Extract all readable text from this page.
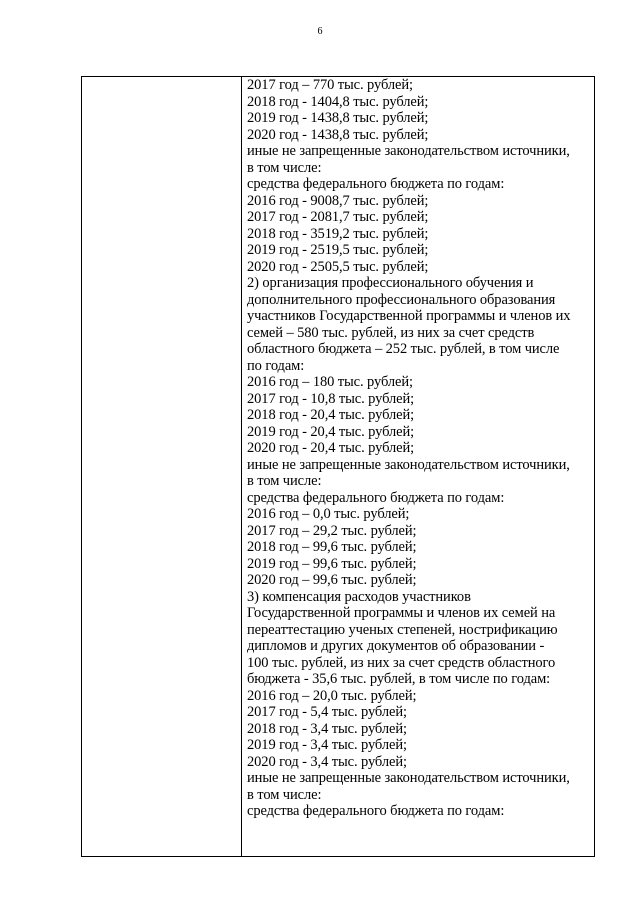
6

2017 год – 770 тыс. рублей;
2018 год - 1404,8 тыс. рублей;
2019 год - 1438,8 тыс. рублей;
2020 год - 1438,8 тыс. рублей;
иные не запрещенные законодательством источники,
в том числе:
средства федерального бюджета по годам:
2016 год - 9008,7 тыс. рублей;
2017 год - 2081,7 тыс. рублей;
2018 год - 3519,2 тыс. рублей;
2019 год - 2519,5 тыс. рублей;
2020 год - 2505,5 тыс. рублей;
2) организация профессионального обучения и
дополнительного профессионального образования
участников Государственной программы и членов их
семей – 580 тыс. рублей, из них за счет средств
областного бюджета – 252 тыс. рублей, в том числе
по годам:
2016 год – 180 тыс. рублей;
2017 год - 10,8 тыс. рублей;
2018 год - 20,4 тыс. рублей;
2019 год - 20,4 тыс. рублей;
2020 год - 20,4 тыс. рублей;
иные не запрещенные законодательством источники,
в том числе:
средства федерального бюджета по годам:
2016 год – 0,0 тыс. рублей;
2017 год – 29,2 тыс. рублей;
2018 год – 99,6 тыс. рублей;
2019 год – 99,6 тыс. рублей;
2020 год – 99,6 тыс. рублей;
3) компенсация расходов участников
Государственной программы и членов их семей на
переаттестацию ученых степеней, нострификацию
дипломов и других документов об образовании -
100 тыс. рублей, из них за счет средств областного
бюджета - 35,6 тыс. рублей, в том числе по годам:
2016 год – 20,0 тыс. рублей;
2017 год - 5,4 тыс. рублей;
2018 год - 3,4 тыс. рублей;
2019 год - 3,4 тыс. рублей;
2020 год - 3,4 тыс. рублей;
иные не запрещенные законодательством источники,
в том числе:
средства федерального бюджета по годам:
